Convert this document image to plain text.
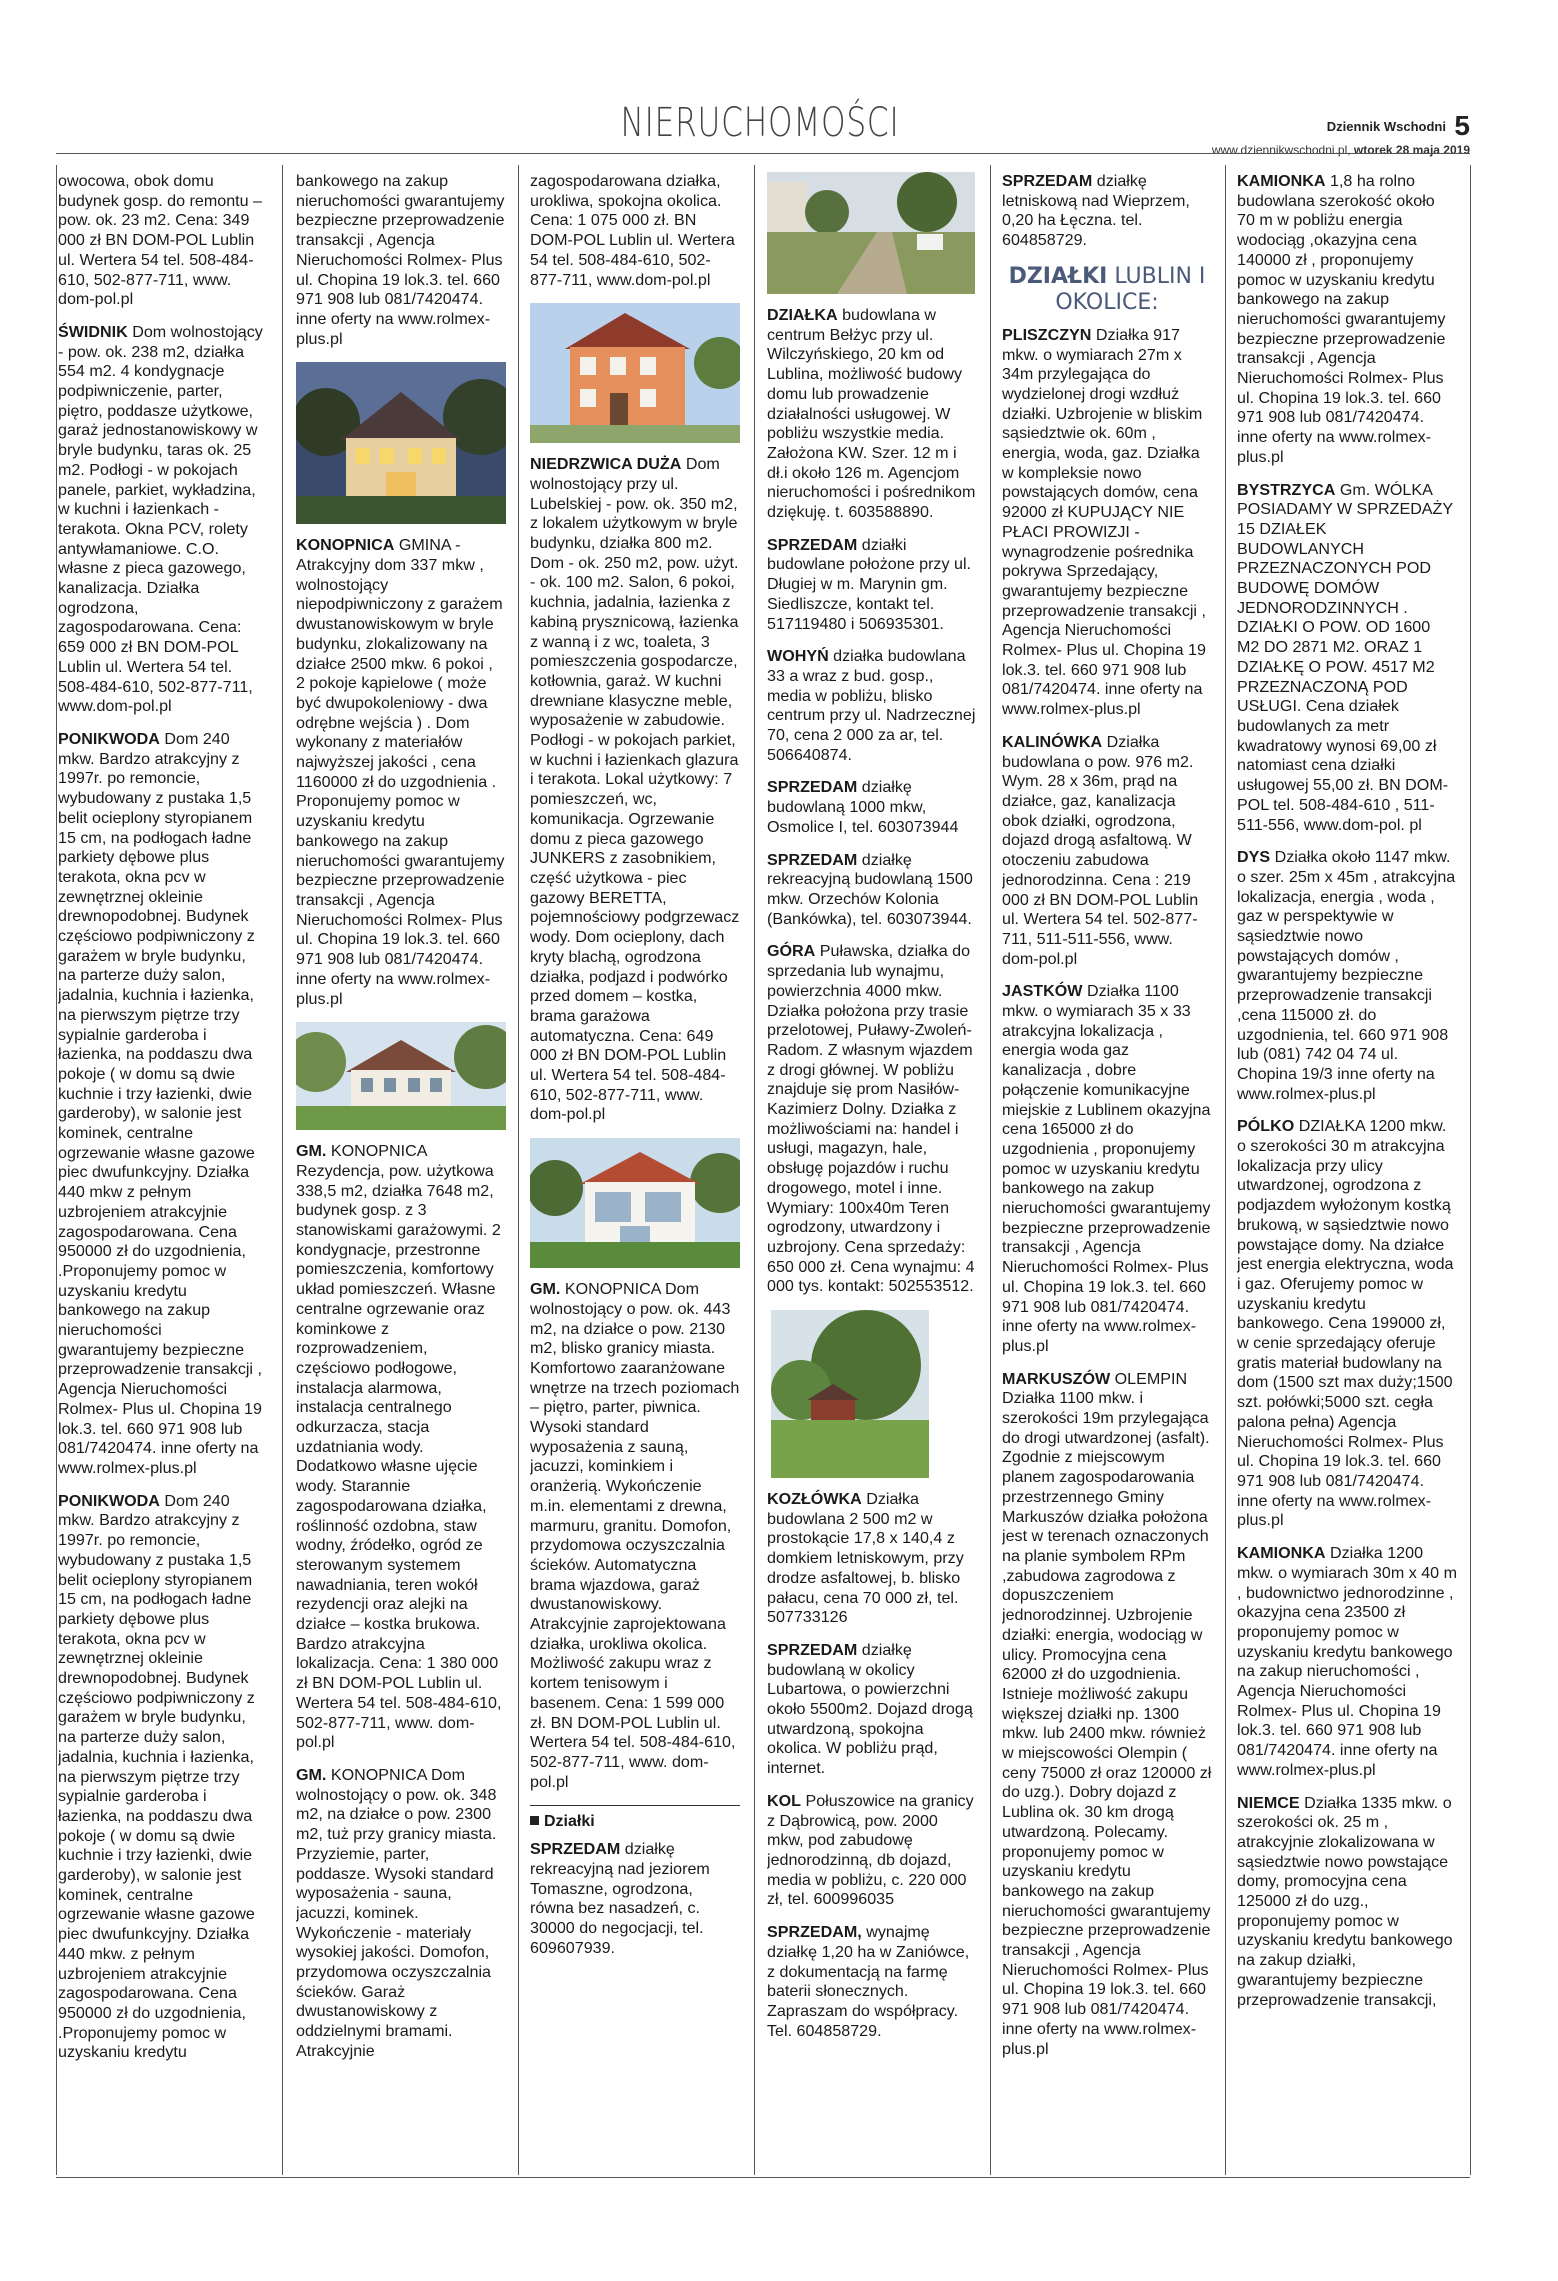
NIERUCHOMOŚCI	Dziennik Wschodni 5
www.dziennikwschodni.pl, wtorek 28 maja 2019
owocowa, obok domu budynek gosp. do remontu – pow. ok. 23 m2. Cena: 349 000 zł BN DOM-POL Lublin ul. Wertera 54 tel. 508-484-610, 502-877-711, www. dom-pol.pl
ŚWIDNIK Dom wolnostojący - pow. ok. 238 m2, działka 554 m2. 4 kondygnacje podpiwniczenie, parter, piętro, poddasze użytkowe, garaż jednostanowiskowy w bryle budynku, taras ok. 25 m2. Podłogi - w pokojach panele, parkiet, wykładzina, w kuchni i łazienkach - terakota. Okna PCV, rolety antywłamaniowe. C.O. własne z pieca gazowego, kanalizacja. Działka ogrodzona, zagospodarowana. Cena: 659 000 zł BN DOM-POL Lublin ul. Wertera 54 tel. 508-484-610, 502-877-711, www.dom-pol.pl
PONIKWODA Dom 240 mkw. Bardzo atrakcyjny z 1997r. po remoncie, wybudowany z pustaka 1,5 belit ocieplony styropianem 15 cm, na podłogach ładne parkiety dębowe plus terakota, okna pcv w zewnętrznej okleinie drewnopodobnej. Budynek częściowo podpiwniczony z garażem w bryle budynku, na parterze duży salon, jadalnia, kuchnia i łazienka, na pierwszym piętrze trzy sypialnie garderoba i łazienka, na poddaszu dwa pokoje ( w domu są dwie kuchnie i trzy łazienki, dwie garderoby), w salonie jest kominek, centralne ogrzewanie własne gazowe piec dwufunkcyjny. Działka 440 mkw z pełnym uzbrojeniem atrakcyjnie zagospodarowana. Cena 950000 zł do uzgodnienia, .Proponujemy pomoc w uzyskaniu kredytu bankowego na zakup nieruchomości gwarantujemy bezpieczne przeprowadzenie transakcji , Agencja Nieruchomości Rolmex- Plus ul. Chopina 19 lok.3. tel. 660 971 908 lub 081/7420474. inne oferty na www.rolmex-plus.pl
PONIKWODA Dom 240 mkw. Bardzo atrakcyjny z 1997r. po remoncie, wybudowany z pustaka 1,5 belit ocieplony styropianem 15 cm, na podłogach ładne parkiety dębowe plus terakota, okna pcv w zewnętrznej okleinie drewnopodobnej. Budynek częściowo podpiwniczony z garażem w bryle budynku, na parterze duży salon, jadalnia, kuchnia i łazienka, na pierwszym piętrze trzy sypialnie garderoba i łazienka, na poddaszu dwa pokoje ( w domu są dwie kuchnie i trzy łazienki, dwie garderoby), w salonie jest kominek, centralne ogrzewanie własne gazowe piec dwufunkcyjny. Działka 440 mkw. z pełnym uzbrojeniem atrakcyjnie zagospodarowana. Cena 950000 zł do uzgodnienia, .Proponujemy pomoc w uzyskaniu kredytu
bankowego na zakup nieruchomości gwarantujemy bezpieczne przeprowadzenie transakcji , Agencja Nieruchomości Rolmex- Plus ul. Chopina 19 lok.3. tel. 660 971 908 lub 081/7420474. inne oferty na www.rolmex-plus.pl
KONOPNICA GMINA - Atrakcyjny dom 337 mkw , wolnostojący niepodpiwniczony z garażem dwustanowiskowym w bryle budynku, zlokalizowany na działce 2500 mkw. 6 pokoi , 2 pokoje kąpielowe ( może być dwupokoleniowy - dwa odrębne wejścia ) . Dom wykonany z materiałów najwyższej jakości , cena 1160000 zł do uzgodnienia . Proponujemy pomoc w uzyskaniu kredytu bankowego na zakup nieruchomości gwarantujemy bezpieczne przeprowadzenie transakcji , Agencja Nieruchomości Rolmex- Plus ul. Chopina 19 lok.3. tel. 660 971 908 lub 081/7420474. inne oferty na www.rolmex-plus.pl
GM. KONOPNICA Rezydencja, pow. użytkowa 338,5 m2, działka 7648 m2, budynek gosp. z 3 stanowiskami garażowymi. 2 kondygnacje, przestronne pomieszczenia, komfortowy układ pomieszczeń. Własne centralne ogrzewanie oraz kominkowe z rozprowadzeniem, częściowo podłogowe, instalacja alarmowa, instalacja centralnego odkurzacza, stacja uzdatniania wody. Dodatkowo własne ujęcie wody. Starannie zagospodarowana działka, roślinność ozdobna, staw wodny, źródełko, ogród ze sterowanym systemem nawadniania, teren wokół rezydencji oraz alejki na działce – kostka brukowa. Bardzo atrakcyjna lokalizacja. Cena: 1 380 000 zł BN DOM-POL Lublin ul. Wertera 54 tel. 508-484-610, 502-877-711, www. dom-pol.pl
GM. KONOPNICA Dom wolnostojący o pow. ok. 348 m2, na działce o pow. 2300 m2, tuż przy granicy miasta. Przyziemie, parter, poddasze. Wysoki standard wyposażenia - sauna, jacuzzi, kominek. Wykończenie - materiały wysokiej jakości. Domofon, przydomowa oczyszczalnia ścieków. Garaż dwustanowiskowy z oddzielnymi bramami. Atrakcyjnie
zagospodarowana działka, urokliwa, spokojna okolica. Cena: 1 075 000 zł. BN DOM-POL Lublin ul. Wertera 54 tel. 508-484-610, 502-877-711, www.dom-pol.pl
NIEDRZWICA DUŻA Dom wolnostojący przy ul. Lubelskiej - pow. ok. 350 m2, z lokalem użytkowym w bryle budynku, działka 800 m2. Dom - ok. 250 m2, pow. użyt. - ok. 100 m2. Salon, 6 pokoi, kuchnia, jadalnia, łazienka z kabiną prysznicową, łazienka z wanną i z wc, toaleta, 3 pomieszczenia gospodarcze, kotłownia, garaż. W kuchni drewniane klasyczne meble, wyposażenie w zabudowie. Podłogi - w pokojach parkiet, w kuchni i łazienkach glazura i terakota. Lokal użytkowy: 7 pomieszczeń, wc, komunikacja. Ogrzewanie domu z pieca gazowego JUNKERS z zasobnikiem, część użytkowa - piec gazowy BERETTA, pojemnościowy podgrzewacz wody. Dom ocieplony, dach kryty blachą, ogrodzona działka, podjazd i podwórko przed domem – kostka, brama garażowa automatyczna. Cena: 649 000 zł BN DOM-POL Lublin ul. Wertera 54 tel. 508-484-610, 502-877-711, www. dom-pol.pl
GM. KONOPNICA Dom wolnostojący o pow. ok. 443 m2, na działce o pow. 2130 m2, blisko granicy miasta. Komfortowo zaaranżowane wnętrze na trzech poziomach – piętro, parter, piwnica. Wysoki standard wyposażenia z sauną, jacuzzi, kominkiem i oranżerią. Wykończenie m.in. elementami z drewna, marmuru, granitu. Domofon, przydomowa oczyszczalnia ścieków. Automatyczna brama wjazdowa, garaż dwustanowiskowy. Atrakcyjnie zaprojektowana działka, urokliwa okolica. Możliwość zakupu wraz z kortem tenisowym i basenem. Cena: 1 599 000 zł. BN DOM-POL Lublin ul. Wertera 54 tel. 508-484-610, 502-877-711, www. dom-pol.pl
Działki
SPRZEDAM działkę rekreacyjną nad jeziorem Tomaszne, ogrodzona, równa bez nasadzeń, c. 30000 do negocjacji, tel. 609607939.
DZIAŁKA budowlana w centrum Bełżyc przy ul. Wilczyńskiego, 20 km od Lublina, możliwość budowy domu lub prowadzenie działalności usługowej. W pobliżu wszystkie media. Założona KW. Szer. 12 m i dł.i około 126 m. Agencjom nieruchomości i pośrednikom dziękuję. t. 603588890.
SPRZEDAM działki budowlane położone przy ul. Długiej w m. Marynin gm. Siedliszcze, kontakt tel. 517119480 i 506935301.
WOHYŃ działka budowlana 33 a wraz z bud. gosp., media w pobliżu, blisko centrum przy ul. Nadrzecznej 70, cena 2 000 za ar, tel. 506640874.
SPRZEDAM działkę budowlaną 1000 mkw, Osmolice I, tel. 603073944
SPRZEDAM działkę rekreacyjną budowlaną 1500 mkw. Orzechów Kolonia (Bankówka), tel. 603073944.
GÓRA Puławska, działka do sprzedania lub wynajmu, powierzchnia 4000 mkw. Działka położona przy trasie przelotowej, Puławy-Zwoleń-Radom. Z własnym wjazdem z drogi głównej. W pobliżu znajduje się prom Nasiłów-Kazimierz Dolny. Działka z możliwościami na: handel i usługi, magazyn, hale, obsługę pojazdów i ruchu drogowego, motel i inne. Wymiary: 100x40m Teren ogrodzony, utwardzony i uzbrojony. Cena sprzedaży: 650 000 zł. Cena wynajmu: 4 000 tys. kontakt: 502553512.
KOZŁÓWKA Działka budowlana 2 500 m2 w prostokącie 17,8 x 140,4 z domkiem letniskowym, przy drodze asfaltowej, b. blisko pałacu, cena 70 000 zł, tel. 507733126
SPRZEDAM działkę budowlaną w okolicy Lubartowa, o powierzchni około 5500m2. Dojazd drogą utwardzoną, spokojna okolica. W pobliżu prąd, internet.
KOL Połuszowice na granicy z Dąbrowicą, pow. 2000 mkw, pod zabudowę jednorodzinną, db dojazd, media w pobliżu, c. 220 000 zł, tel. 600996035
SPRZEDAM, wynajmę działkę 1,20 ha w Zaniówce, z dokumentacją na farmę baterii słonecznych. Zapraszam do współpracy. Tel. 604858729.
SPRZEDAM działkę letniskową nad Wieprzem, 0,20 ha Łęczna. tel. 604858729.
DZIAŁKI LUBLIN I OKOLICE:
PLISZCZYN Działka 917 mkw. o wymiarach 27m x 34m przylegająca do wydzielonej drogi wzdłuż działki. Uzbrojenie w bliskim sąsiedztwie ok. 60m , energia, woda, gaz. Działka w kompleksie nowo powstających domów, cena 92000 zł KUPUJĄCY NIE PŁACI PROWIZJI -wynagrodzenie pośrednika pokrywa Sprzedający, gwarantujemy bezpieczne przeprowadzenie transakcji , Agencja Nieruchomości Rolmex- Plus ul. Chopina 19 lok.3. tel. 660 971 908 lub 081/7420474. inne oferty na www.rolmex-plus.pl
KALINÓWKA Działka budowlana o pow. 976 m2. Wym. 28 x 36m, prąd na działce, gaz, kanalizacja obok działki, ogrodzona, dojazd drogą asfaltową. W otoczeniu zabudowa jednorodzinna. Cena : 219 000 zł BN DOM-POL Lublin ul. Wertera 54 tel. 502-877-711, 511-511-556, www. dom-pol.pl
JASTKÓW Działka 1100 mkw. o wymiarach 35 x 33 atrakcyjna lokalizacja , energia woda gaz kanalizacja , dobre połączenie komunikacyjne miejskie z Lublinem okazyjna cena 165000 zł do uzgodnienia , proponujemy pomoc w uzyskaniu kredytu bankowego na zakup nieruchomości gwarantujemy bezpieczne przeprowadzenie transakcji , Agencja Nieruchomości Rolmex- Plus ul. Chopina 19 lok.3. tel. 660 971 908 lub 081/7420474. inne oferty na www.rolmex-plus.pl
MARKUSZÓW OLEMPIN Działka 1100 mkw. i szerokości 19m przylegająca do drogi utwardzonej (asfalt). Zgodnie z miejscowym planem zagospodarowania przestrzennego Gminy Markuszów działka położona jest w terenach oznaczonych na planie symbolem RPm ,zabudowa zagrodowa z dopuszczeniem jednorodzinnej. Uzbrojenie działki: energia, wodociąg w ulicy. Promocyjna cena 62000 zł do uzgodnienia. Istnieje możliwość zakupu większej działki np. 1300 mkw. lub 2400 mkw. również w miejscowości Olempin ( ceny 75000 zł oraz 120000 zł do uzg.). Dobry dojazd z Lublina ok. 30 km drogą utwardzoną. Polecamy. proponujemy pomoc w uzyskaniu kredytu bankowego na zakup nieruchomości gwarantujemy bezpieczne przeprowadzenie transakcji , Agencja Nieruchomości Rolmex- Plus ul. Chopina 19 lok.3. tel. 660 971 908 lub 081/7420474. inne oferty na www.rolmex-plus.pl
KAMIONKA 1,8 ha rolno budowlana szerokość około 70 m w pobliżu energia wodociąg ,okazyjna cena 140000 zł , proponujemy pomoc w uzyskaniu kredytu bankowego na zakup nieruchomości gwarantujemy bezpieczne przeprowadzenie transakcji , Agencja Nieruchomości Rolmex- Plus ul. Chopina 19 lok.3. tel. 660 971 908 lub 081/7420474. inne oferty na www.rolmex-plus.pl
BYSTRZYCA Gm. WÓLKA POSIADAMY W SPRZEDAŻY 15 DZIAŁEK BUDOWLANYCH PRZEZNACZONYCH POD BUDOWĘ DOMÓW JEDNORODZINNYCH . DZIAŁKI O POW. OD 1600 M2 DO 2871 M2. ORAZ 1 DZIAŁKĘ O POW. 4517 M2 PRZEZNACZONĄ POD USŁUGI. Cena działek budowlanych za metr kwadratowy wynosi 69,00 zł natomiast cena działki usługowej 55,00 zł. BN DOM-POL tel. 508-484-610 , 511-511-556, www.dom-pol. pl
DYS Działka około 1147 mkw. o szer. 25m x 45m , atrakcyjna lokalizacja, energia , woda , gaz w perspektywie w sąsiedztwie nowo powstających domów , gwarantujemy bezpieczne przeprowadzenie transakcji ,cena 115000 zł. do uzgodnienia, tel. 660 971 908 lub (081) 742 04 74 ul. Chopina 19/3 inne oferty na www.rolmex-plus.pl
PÓLKO DZIAŁKA 1200 mkw. o szerokości 30 m atrakcyjna lokalizacja przy ulicy utwardzonej, ogrodzona z podjazdem wyłożonym kostką brukową, w sąsiedztwie nowo powstające domy. Na działce jest energia elektryczna, woda i gaz. Oferujemy pomoc w uzyskaniu kredytu bankowego. Cena 199000 zł, w cenie sprzedający oferuje gratis materiał budowlany na dom (1500 szt max duży;1500 szt. połówki;5000 szt. cegła palona pełna) Agencja Nieruchomości Rolmex- Plus ul. Chopina 19 lok.3. tel. 660 971 908 lub 081/7420474. inne oferty na www.rolmex-plus.pl
KAMIONKA Działka 1200 mkw. o wymiarach 30m x 40 m , budownictwo jednorodzinne , okazyjna cena 23500 zł proponujemy pomoc w uzyskaniu kredytu bankowego na zakup nieruchomości , Agencja Nieruchomości Rolmex- Plus ul. Chopina 19 lok.3. tel. 660 971 908 lub 081/7420474. inne oferty na www.rolmex-plus.pl
NIEMCE Działka 1335 mkw. o szerokości ok. 25 m , atrakcyjnie zlokalizowana w sąsiedztwie nowo powstające domy, promocyjna cena 125000 zł do uzg., proponujemy pomoc w uzyskaniu kredytu bankowego na zakup działki, gwarantujemy bezpieczne przeprowadzenie transakcji,
